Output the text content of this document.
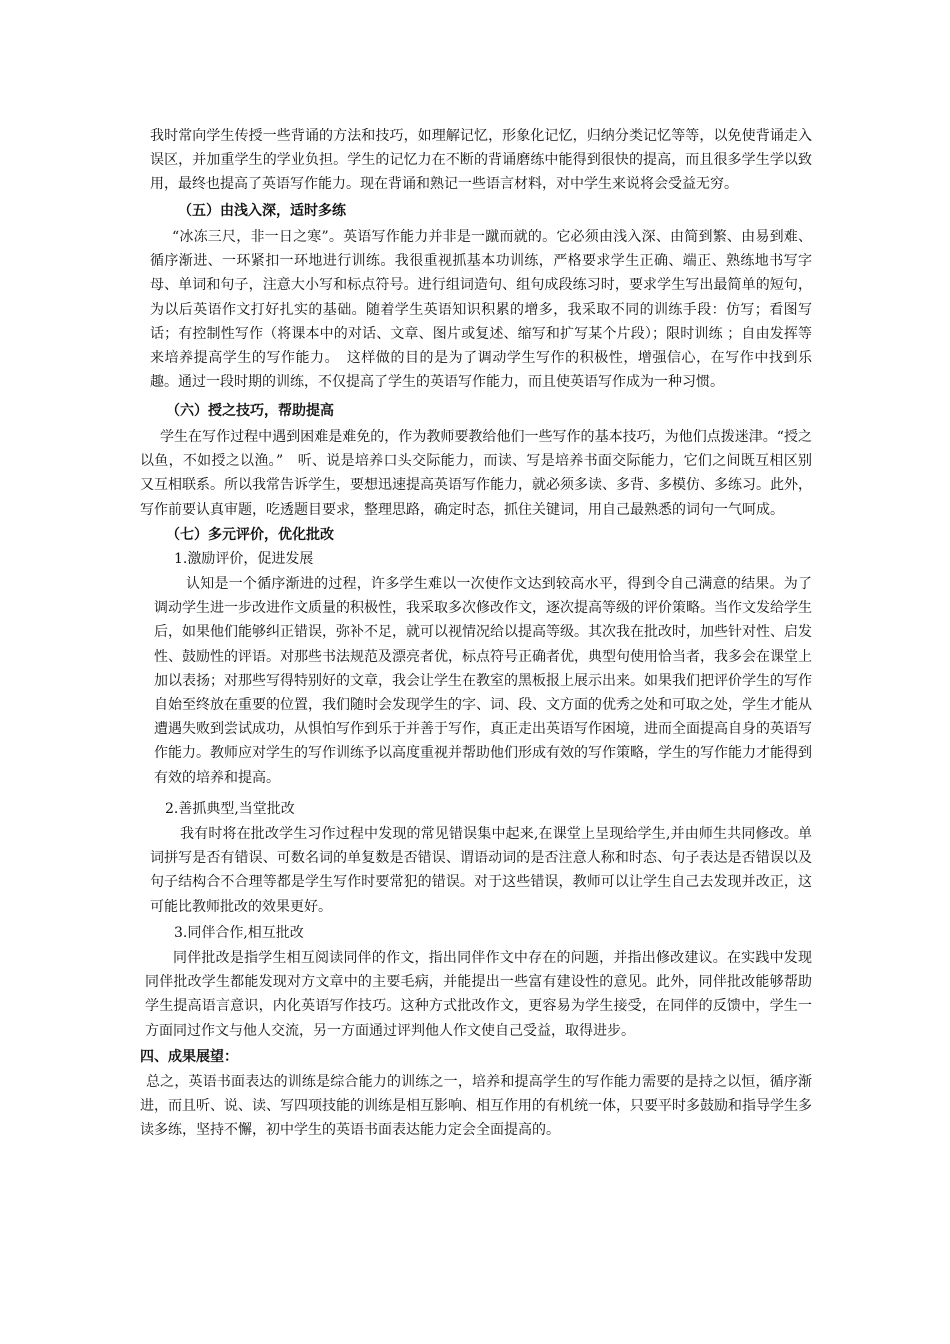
我时常向学生传授一些背诵的方法和技巧，如理解记忆，形象化记忆，归纳分类记忆等等，以免使背诵走入误区，并加重学生的学业负担。学生的记忆力在不断的背诵磨练中能得到很快的提高，而且很多学生学以致用，最终也提高了英语写作能力。现在背诵和熟记一些语言材料，对中学生来说将会受益无穷。

（五）由浅入深，适时多练

“冰冻三尺，非一日之寒”。英语写作能力并非是一蹴而就的。它必须由浅入深、由简到繁、由易到难、循序渐进、一环紧扣一环地进行训练。我很重视抓基本功训练，严格要求学生正确、端正、熟练地书写字母、单词和句子，注意大小写和标点符号。进行组词造句、组句成段练习时，要求学生写出最简单的短句，为以后英语作文打好扎实的基础。随着学生英语知识积累的增多，我采取不同的训练手段：仿写；看图写话；有控制性写作（将课本中的对话、文章、图片或复述、缩写和扩写某个片段）；限时训练 ；自由发挥等来培养提高学生的写作能力。　这样做的目的是为了调动学生写作的积极性，增强信心，在写作中找到乐趣。通过一段时期的训练，不仅提高了学生的英语写作能力，而且使英语写作成为一种习惯。

（六）授之技巧，帮助提高

学生在写作过程中遇到困难是难免的，作为教师要教给他们一些写作的基本技巧，为他们点拨迷津。“授之以鱼，不如授之以渔。”　听、说是培养口头交际能力，而读、写是培养书面交际能力，它们之间既互相区别又互相联系。所以我常告诉学生，要想迅速提高英语写作能力，就必须多读、多背、多模仿、多练习。此外，写作前要认真审题，吃透题目要求，整理思路，确定时态，抓住关键词，用自己最熟悉的词句一气呵成。

（七）多元评价，优化批改

1.激励评价，促进发展

认知是一个循序渐进的过程，许多学生难以一次使作文达到较高水平，得到令自己满意的结果。为了调动学生进一步改进作文质量的积极性，我采取多次修改作文，逐次提高等级的评价策略。当作文发给学生后，如果他们能够纠正错误，弥补不足，就可以视情况给以提高等级。其次我在批改时，加些针对性、启发性、鼓励性的评语。对那些书法规范及漂亮者优，标点符号正确者优，典型句使用恰当者，我多会在课堂上加以表扬；对那些写得特别好的文章，我会让学生在教室的黑板报上展示出来。如果我们把评价学生的写作自始至终放在重要的位置，我们随时会发现学生的字、词、段、文方面的优秀之处和可取之处，学生才能从遭遇失败到尝试成功，从惧怕写作到乐于并善于写作，真正走出英语写作困境，进而全面提高自身的英语写作能力。教师应对学生的写作训练予以高度重视并帮助他们形成有效的写作策略，学生的写作能力才能得到有效的培养和提高。

2.善抓典型,当堂批改

我有时将在批改学生习作过程中发现的常见错误集中起来,在课堂上呈现给学生,并由师生共同修改。单词拼写是否有错误、可数名词的单复数是否错误、谓语动词的是否注意人称和时态、句子表达是否错误以及句子结构合不合理等都是学生写作时要常犯的错误。对于这些错误，教师可以让学生自己去发现并改正，这可能比教师批改的效果更好。

3.同伴合作,相互批改

同伴批改是指学生相互阅读同伴的作文，指出同伴作文中存在的问题，并指出修改建议。在实践中发现同伴批改学生都能发现对方文章中的主要毛病，并能提出一些富有建设性的意见。此外，同伴批改能够帮助学生提高语言意识，内化英语写作技巧。这种方式批改作文，更容易为学生接受，在同伴的反馈中，学生一方面同过作文与他人交流，另一方面通过评判他人作文使自己受益，取得进步。

四、成果展望：

总之，英语书面表达的训练是综合能力的训练之一，培养和提高学生的写作能力需要的是持之以恒，循序渐进，而且听、说、读、写四项技能的训练是相互影响、相互作用的有机统一体，只要平时多鼓励和指导学生多读多练，坚持不懈，初中学生的英语书面表达能力定会全面提高的。
